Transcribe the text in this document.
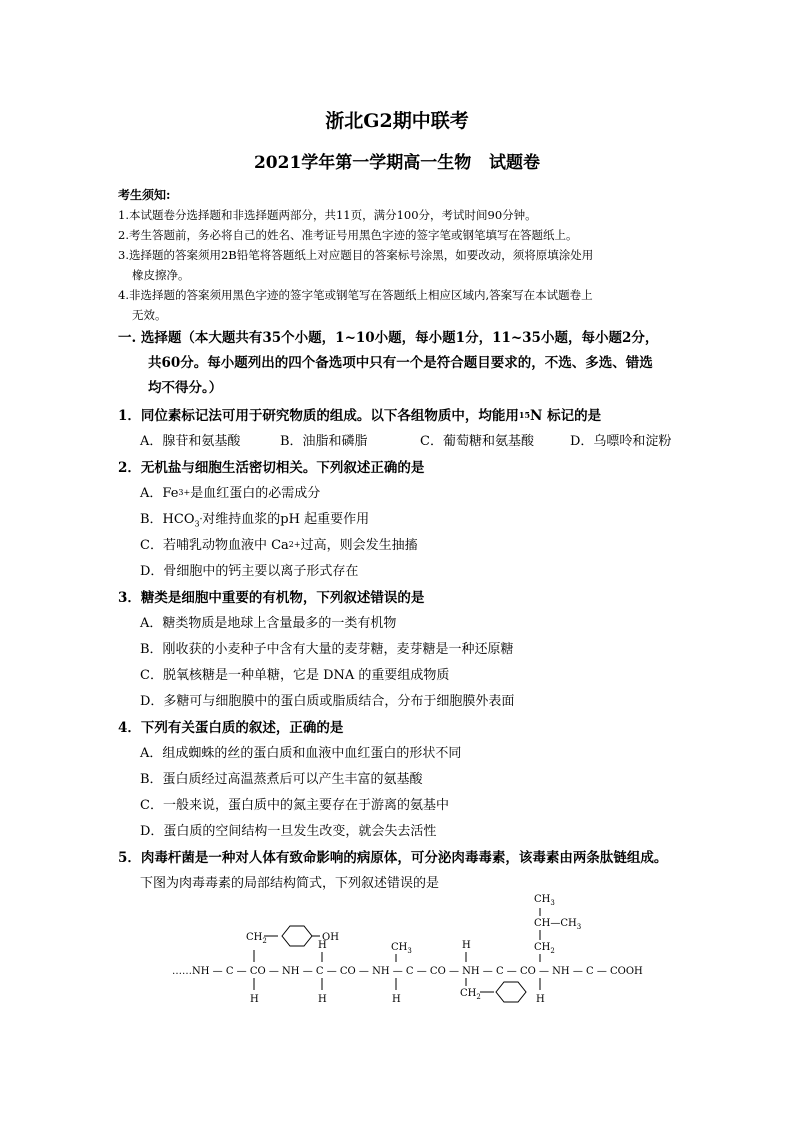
浙北G2期中联考
2021学年第一学期高一生物   试题卷
考生须知:
1.本试题卷分选择题和非选择题两部分，共11页，满分100分，考试时间90分钟。
2.考生答题前，务必将自己的姓名、准考证号用黑色字迹的签字笔或钢笔填写在答题纸上。
3.选择题的答案须用2B铅笔将答题纸上对应题目的答案标号涂黑，如要改动，须将原填涂处用
橡皮擦净。
4.非选择题的答案须用黑色字迹的签字笔或钢笔写在答题纸上相应区域内,答案写在本试题卷上
无效。
一. 选择题（本大题共有35个小题，1~10小题，每小题1分，11~35小题，每小题2分，
共60分。每小题列出的四个备选项中只有一个是符合题目要求的，不选、多选、错选
均不得分。）
1．同位素标记法可用于研究物质的组成。以下各组物质中，均能用$^{15}$N 标记的是
A．腺苷和氨基酸	B．油脂和磷脂	C．葡萄糖和氨基酸	D．乌嘌呤和淀粉
2．无机盐与细胞生活密切相关。下列叙述正确的是
A．$Fe^{3+}$是血红蛋白的必需成分
B．$HCO_3^-$对维持血浆的pH 起重要作用
C．若哺乳动物血液中 $Ca^{2+}$过高，则会发生抽搐
D．骨细胞中的钙主要以离子形式存在
3．糖类是细胞中重要的有机物，下列叙述错误的是
A．糖类物质是地球上含量最多的一类有机物
B．刚收获的小麦种子中含有大量的麦芽糖，麦芽糖是一种还原糖
C．脱氧核糖是一种单糖，它是 DNA 的重要组成物质
D．多糖可与细胞膜中的蛋白质或脂质结合，分布于细胞膜外表面
4．下列有关蛋白质的叙述，正确的是
A．组成蜘蛛的丝的蛋白质和血液中血红蛋白的形状不同
B．蛋白质经过高温蒸煮后可以产生丰富的氨基酸
C．一般来说，蛋白质中的氮主要存在于游离的氨基中
D．蛋白质的空间结构一旦发生改变，就会失去活性
5．肉毒杆菌是一种对人体有致命影响的病原体，可分泌肉毒毒素，该毒素由两条肽链组成。
下图为肉毒毒素的局部结构简式，下列叙述错误的是
……NH — C — CO — NH — C — CO — NH — C — CO — NH — C — CO — NH — C — COOH
$CH_2$	OH
H
H
H
$CH_3$
H
H
$CH_2$
$CH_3$
$CH—CH_3$
$CH_2$
H
